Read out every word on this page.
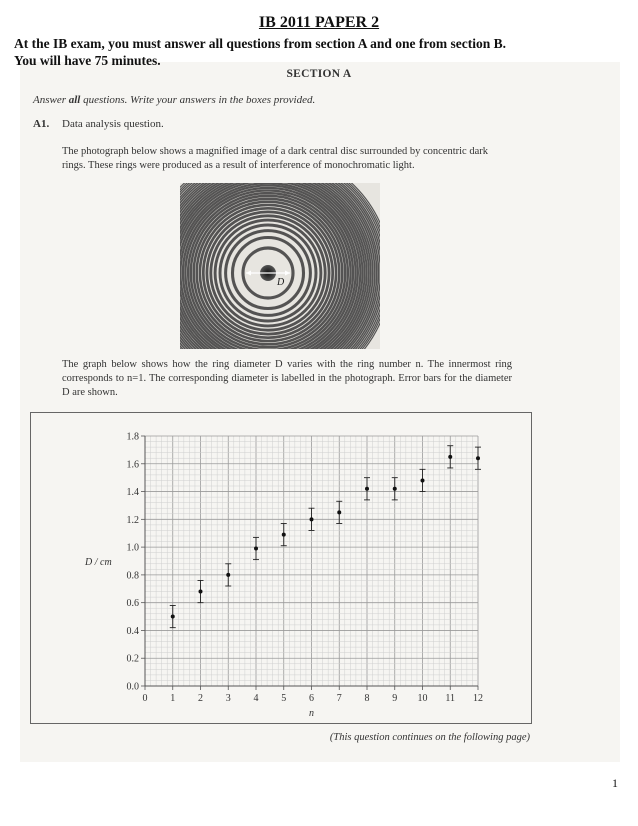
IB 2011 PAPER 2
At the IB exam, you must answer all questions from section A and one from section B.
You will have 75 minutes.
SECTION A
Answer all questions. Write your answers in the boxes provided.
A1. Data analysis question.
The photograph below shows a magnified image of a dark central disc surrounded by concentric dark rings. These rings were produced as a result of interference of monochromatic light.
D
The graph below shows how the ring diameter D varies with the ring number n. The innermost ring corresponds to n=1. The corresponding diameter is labelled in the photograph. Error bars for the diameter D are shown.
0 1 2 3 4 5 6 7 8 9 10 11 12
0.0
0.2
0.4
0.6
0.8
1.0
1.2
1.4
1.6
1.8
n
D / cm
(This question continues on the following page)
1
